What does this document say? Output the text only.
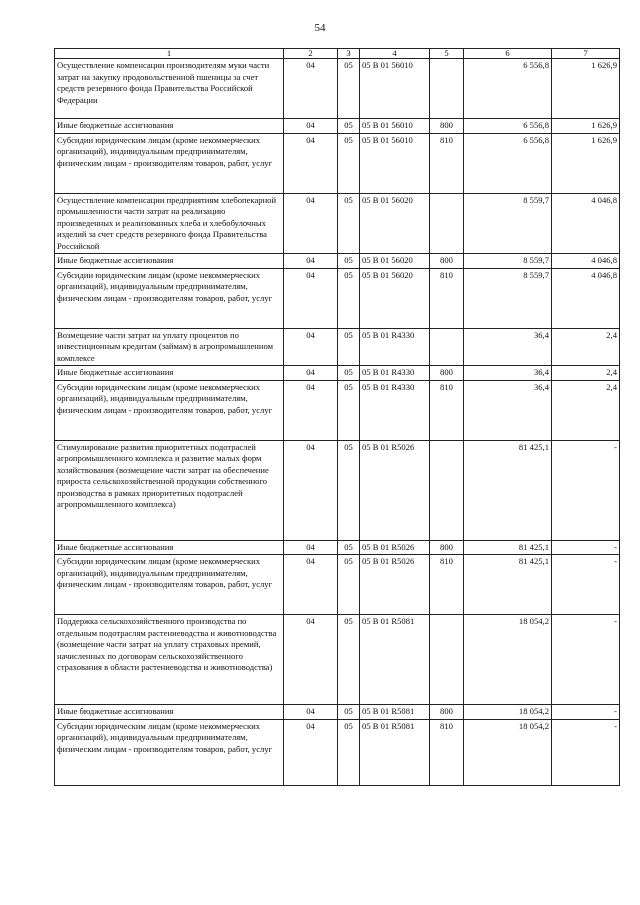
54
1	2	3	4	5	6	7
Осуществление компенсации производителям муки части затрат на закупку продовольственной пшеницы за счет средств резервного фонда Правительства Российской Федерации	04	05	05 В 01 56010		6 556,8	1 626,9
Иные бюджетные ассигнования	04	05	05 В 01 56010	800	6 556,8	1 626,9
Субсидии юридическим лицам (кроме некоммерческих организаций), индивидуальным предпринимателям, физическим лицам - производителям товаров, работ, услуг	04	05	05 В 01 56010	810	6 556,8	1 626,9
Осуществление компенсации предприятиям хлебопекарной промышленности части затрат на реализацию произведенных и реализованных хлеба и хлебобулочных изделий за счет средств резервного фонда Правительства Российской	04	05	05 В 01 56020		8 559,7	4 046,8
Иные бюджетные ассигнования	04	05	05 В 01 56020	800	8 559,7	4 046,8
Субсидии юридическим лицам (кроме некоммерческих организаций), индивидуальным предпринимателям, физическим лицам - производителям товаров, работ, услуг	04	05	05 В 01 56020	810	8 559,7	4 046,8
Возмещение части затрат на уплату процентов по инвестиционным кредитам (займам) в агропромышленном комплексе	04	05	05 В 01 R4330		36,4	2,4
Иные бюджетные ассигнования	04	05	05 В 01 R4330	800	36,4	2,4
Субсидии юридическим лицам (кроме некоммерческих организаций), индивидуальным предпринимателям, физическим лицам - производителям товаров, работ, услуг	04	05	05 В 01 R4330	810	36,4	2,4
Стимулирование развития приоритетных подотраслей агропромышленного комплекса и развитие малых форм хозяйствования (возмещение части затрат на обеспечение прироста сельскохозяйственной продукции собственного производства в рамках приоритетных подотраслей агропромышленного комплекса)	04	05	05 В 01 R5026		81 425,1	-
Иные бюджетные ассигнования	04	05	05 В 01 R5026	800	81 425,1	-
Субсидии юридическим лицам (кроме некоммерческих организаций), индивидуальным предпринимателям, физическим лицам - производителям товаров, работ, услуг	04	05	05 В 01 R5026	810	81 425,1	-
Поддержка сельскохозяйственного производства по отдельным подотраслям растениеводства и животноводства (возмещение части затрат на уплату страховых премий, начисленных по договорам сельскохозяйственного страхования в области растениеводства и животноводства)	04	05	05 В 01 R5081		18 054,2	-
Иные бюджетные ассигнования	04	05	05 В 01 R5081	800	18 054,2	-
Субсидии юридическим лицам (кроме некоммерческих организаций), индивидуальным предпринимателям, физическим лицам - производителям товаров, работ, услуг	04	05	05 В 01 R5081	810	18 054,2	-
